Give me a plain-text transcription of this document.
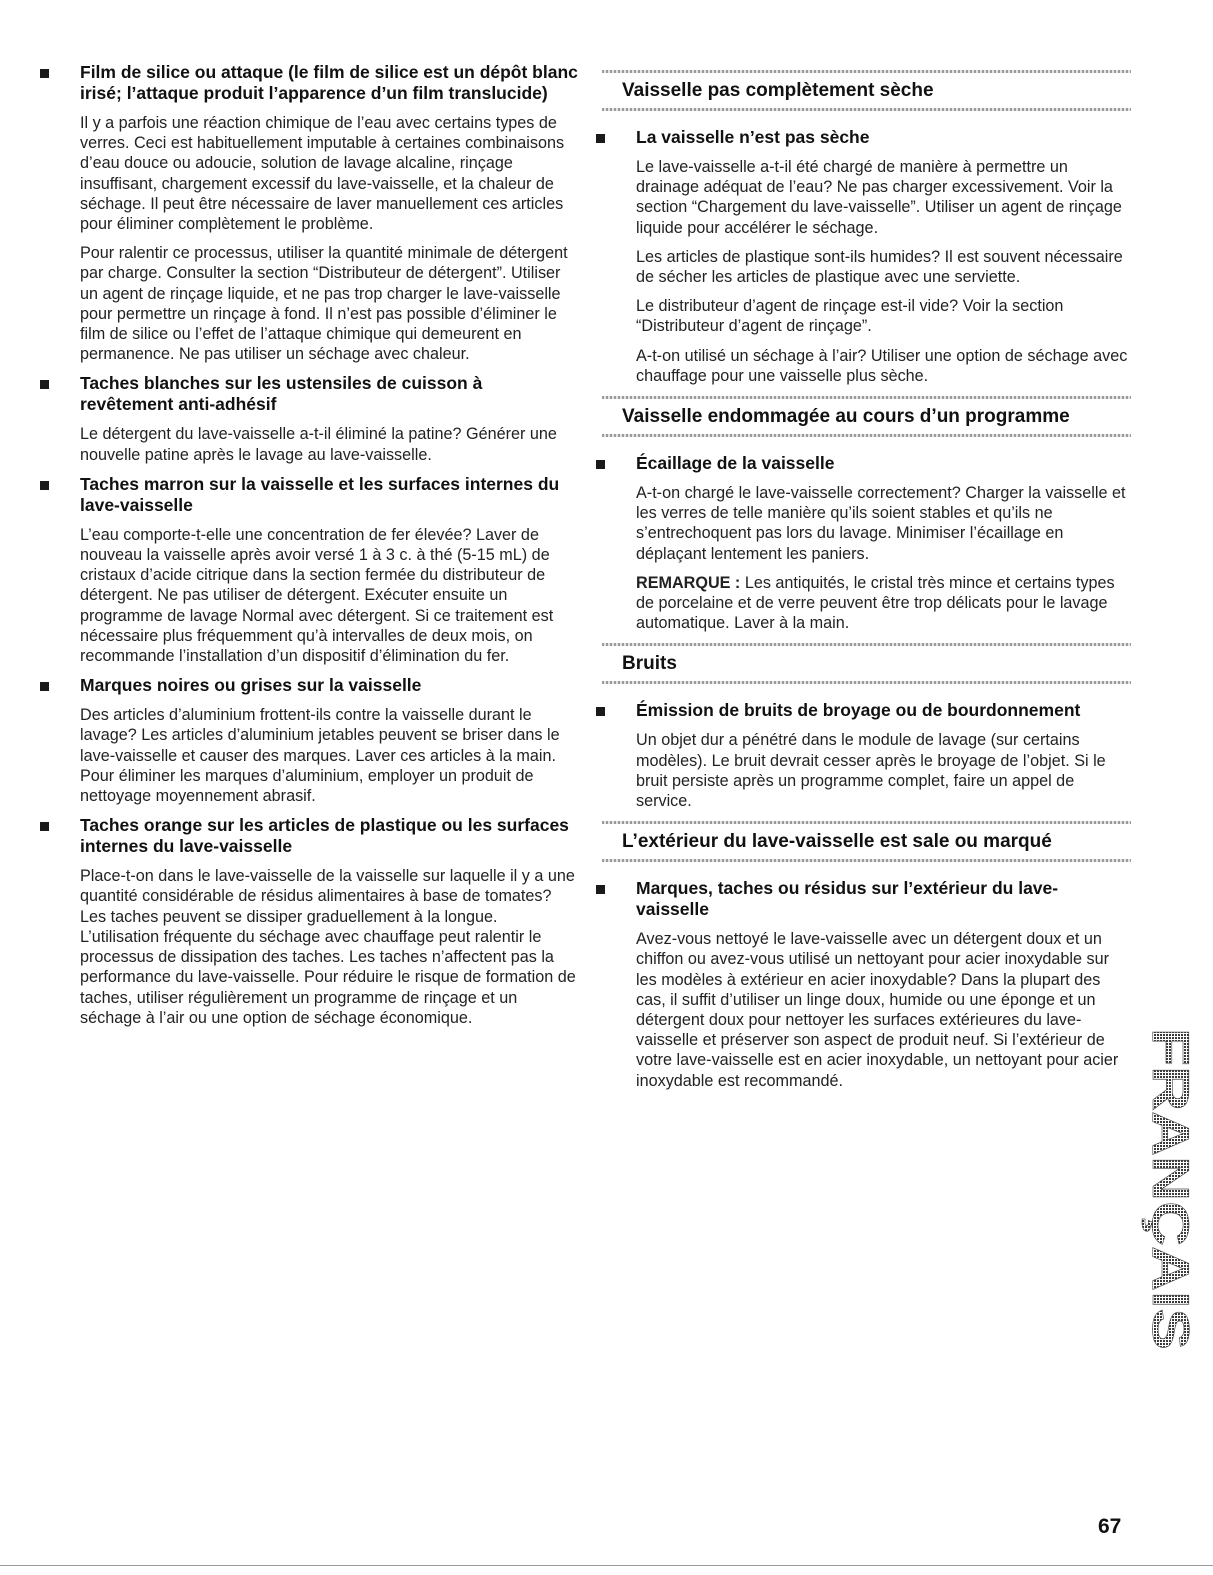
Film de silice ou attaque (le film de silice est un dépôt blanc irisé; l’attaque produit l’apparence d’un film translucide)

Il y a parfois une réaction chimique de l’eau avec certains types de verres. Ceci est habituellement imputable à certaines combinaisons d’eau douce ou adoucie, solution de lavage alcaline, rinçage insuffisant, chargement excessif du lave-vaisselle, et la chaleur de séchage. Il peut être nécessaire de laver manuellement ces articles pour éliminer complètement le problème.

Pour ralentir ce processus, utiliser la quantité minimale de détergent par charge. Consulter la section “Distributeur de détergent”. Utiliser un agent de rinçage liquide, et ne pas trop charger le lave-vaisselle pour permettre un rinçage à fond. Il n’est pas possible d’éliminer le film de silice ou l’effet de l’attaque chimique qui demeurent en permanence. Ne pas utiliser un séchage avec chaleur.

Taches blanches sur les ustensiles de cuisson à revêtement anti-adhésif

Le détergent du lave-vaisselle a-t-il éliminé la patine? Générer une nouvelle patine après le lavage au lave-vaisselle.

Taches marron sur la vaisselle et les surfaces internes du lave-vaisselle

L’eau comporte-t-elle une concentration de fer élevée? Laver de nouveau la vaisselle après avoir versé 1 à 3 c. à thé (5-15 mL) de cristaux d’acide citrique dans la section fermée du distributeur de détergent. Ne pas utiliser de détergent. Exécuter ensuite un programme de lavage Normal avec détergent. Si ce traitement est nécessaire plus fréquemment qu’à intervalles de deux mois, on recommande l’installation d’un dispositif d’élimination du fer.

Marques noires ou grises sur la vaisselle

Des articles d’aluminium frottent-ils contre la vaisselle durant le lavage? Les articles d’aluminium jetables peuvent se briser dans le lave-vaisselle et causer des marques. Laver ces articles à la main. Pour éliminer les marques d’aluminium, employer un produit de nettoyage moyennement abrasif.

Taches orange sur les articles de plastique ou les surfaces internes du lave-vaisselle

Place-t-on dans le lave-vaisselle de la vaisselle sur laquelle il y a une quantité considérable de résidus alimentaires à base de tomates? Les taches peuvent se dissiper graduellement à la longue. L’utilisation fréquente du séchage avec chauffage peut ralentir le processus de dissipation des taches. Les taches n’affectent pas la performance du lave-vaisselle. Pour réduire le risque de formation de taches, utiliser régulièrement un programme de rinçage et un séchage à l’air ou une option de séchage économique.

Vaisselle pas complètement sèche
La vaisselle n’est pas sèche

Le lave-vaisselle a-t-il été chargé de manière à permettre un drainage adéquat de l’eau? Ne pas charger excessivement. Voir la section “Chargement du lave-vaisselle”. Utiliser un agent de rinçage liquide pour accélérer le séchage.

Les articles de plastique sont-ils humides? Il est souvent nécessaire de sécher les articles de plastique avec une serviette.

Le distributeur d’agent de rinçage est-il vide? Voir la section “Distributeur d’agent de rinçage”.

A-t-on utilisé un séchage à l’air? Utiliser une option de séchage avec chauffage pour une vaisselle plus sèche.

Vaisselle endommagée au cours d’un programme
Écaillage de la vaisselle

A-t-on chargé le lave-vaisselle correctement? Charger la vaisselle et les verres de telle manière qu’ils soient stables et qu’ils ne s’entrechoquent pas lors du lavage. Minimiser l’écaillage en déplaçant lentement les paniers.

REMARQUE : Les antiquités, le cristal très mince et certains types de porcelaine et de verre peuvent être trop délicats pour le lavage automatique. Laver à la main.

Bruits
Émission de bruits de broyage ou de bourdonnement

Un objet dur a pénétré dans le module de lavage (sur certains modèles). Le bruit devrait cesser après le broyage de l’objet. Si le bruit persiste après un programme complet, faire un appel de service.

L’extérieur du lave-vaisselle est sale ou marqué
Marques, taches ou résidus sur l’extérieur du lave-vaisselle

Avez-vous nettoyé le lave-vaisselle avec un détergent doux et un chiffon ou avez-vous utilisé un nettoyant pour acier inoxydable sur les modèles à extérieur en acier inoxydable? Dans la plupart des cas, il suffit d’utiliser un linge doux, humide ou une éponge et un détergent doux pour nettoyer les surfaces extérieures du lave-vaisselle et préserver son aspect de produit neuf. Si l’extérieur de votre lave-vaisselle est en acier inoxydable, un nettoyant pour acier inoxydable est recommandé.	FRANÇAIS
67
